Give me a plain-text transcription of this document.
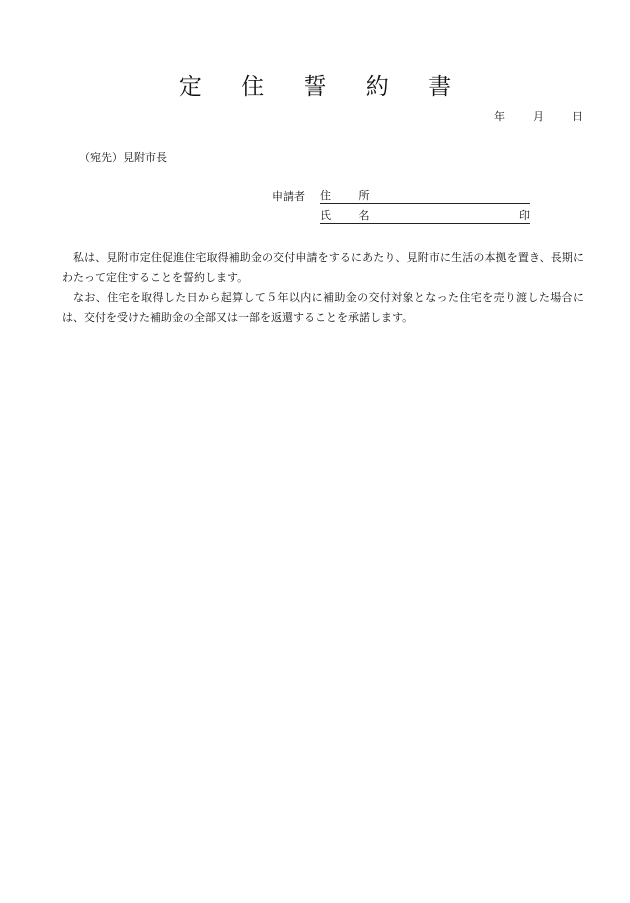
定 住 誓 約 書
年	月	日
（宛先）見附市長
申請者 住 所
氏 名	印

私は、見附市定住促進住宅取得補助金の交付申請をするにあたり、見附市に生活の本拠を置き、長期にわたって定住することを誓約します。

なお、住宅を取得した日から起算して５年以内に補助金の交付対象となった住宅を売り渡した場合には、交付を受けた補助金の全部又は一部を返還することを承諾します。
